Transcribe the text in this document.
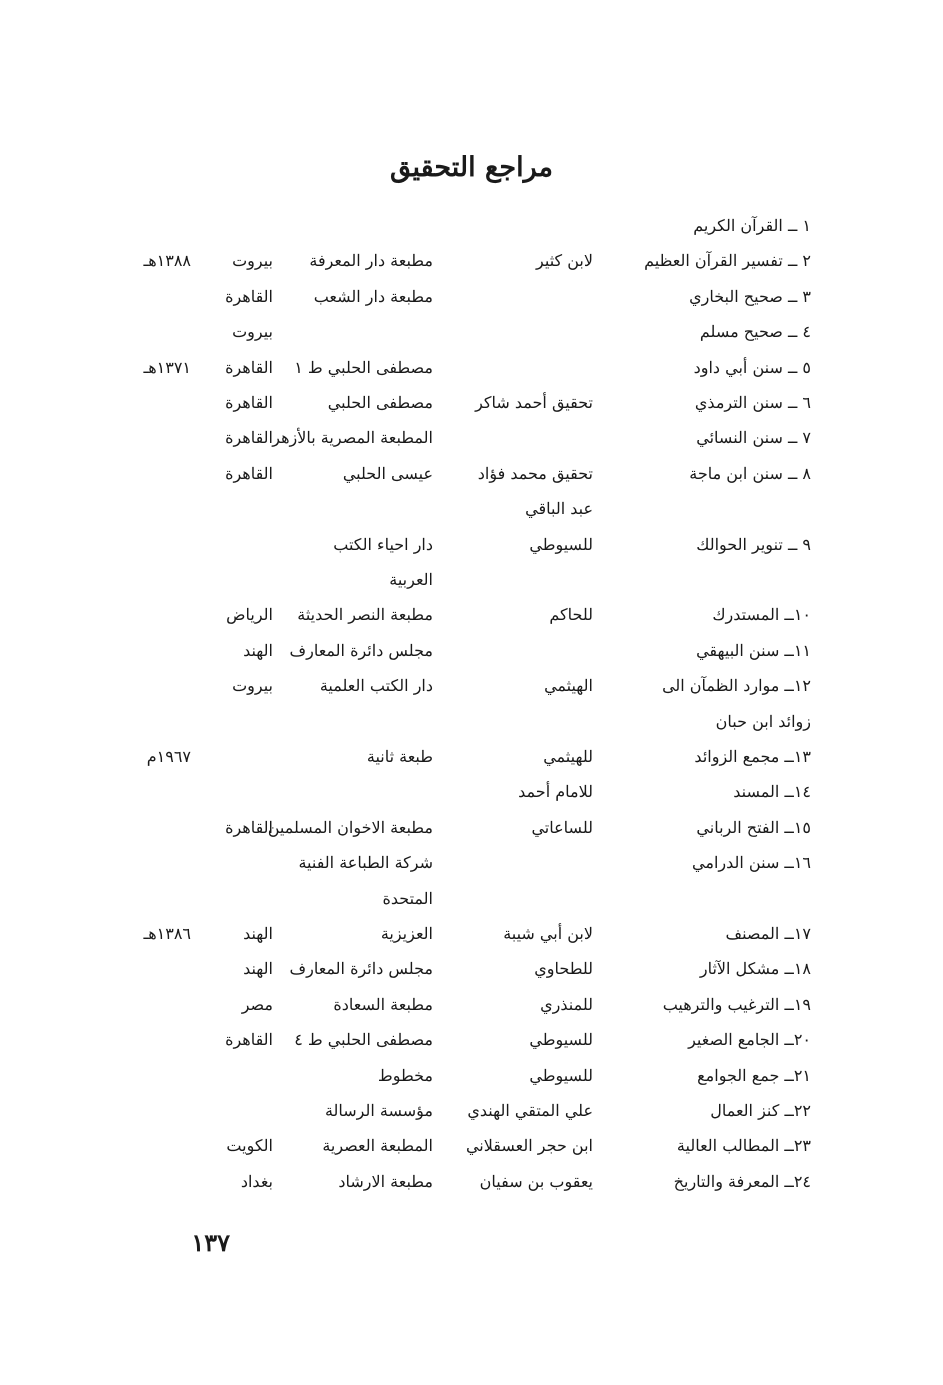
مراجع التحقيق
١ ــ القرآن الكريم
٢ ــ تفسير القرآن العظيم
لابن كثير
مطبعة دار المعرفة
بيروت
١٣٨٨هـ
٣ ــ صحيح البخاري
مطبعة دار الشعب
القاهرة
٤ ــ صحيح مسلم
بيروت
٥ ــ سنن أبي داود
مصطفى الحلبي ط ١
القاهرة
١٣٧١هـ
٦ ــ سنن الترمذي
تحقيق أحمد شاكر
مصطفى الحلبي
القاهرة
٧ ــ سنن النسائي
المطبعة المصرية بالأزهر
القاهرة
٨ ــ سنن ابن ماجة
تحقيق محمد فؤاد
عيسى الحلبي
القاهرة
عبد الباقي
٩ ــ تنوير الحوالك
للسيوطي
دار احياء الكتب
العربية
١٠ــ المستدرك
للحاكم
مطبعة النصر الحديثة
الرياض
١١ــ سنن البيهقي
مجلس دائرة المعارف
الهند
١٢ــ موارد الظمآن الى
الهيثمي
دار الكتب العلمية
بيروت
زوائد ابن حبان
١٣ــ مجمع الزوائد
للهيثمي
طبعة ثانية
١٩٦٧م
١٤ــ المسند
للامام أحمد
١٥ــ الفتح الرباني
للساعاتي
مطبعة الاخوان المسلمين
القاهرة
١٦ــ سنن الدرامي
شركة الطباعة الفنية
المتحدة
١٧ــ المصنف
لابن أبي شيبة
العزيزية
الهند
١٣٨٦هـ
١٨ــ مشكل الآثار
للطحاوي
مجلس دائرة المعارف
الهند
١٩ــ الترغيب والترهيب
للمنذري
مطبعة السعادة
مصر
٢٠ــ الجامع الصغير
للسيوطي
مصطفى الحلبي ط ٤
القاهرة
٢١ــ جمع الجوامع
للسيوطي
مخطوط
٢٢ــ كنز العمال
علي المتقي الهندي
مؤسسة الرسالة
٢٣ــ المطالب العالية
ابن حجر العسقلاني
المطبعة العصرية
الكويت
٢٤ــ المعرفة والتاريخ
يعقوب بن سفيان
مطبعة الارشاد
بغداد
١٣٧
